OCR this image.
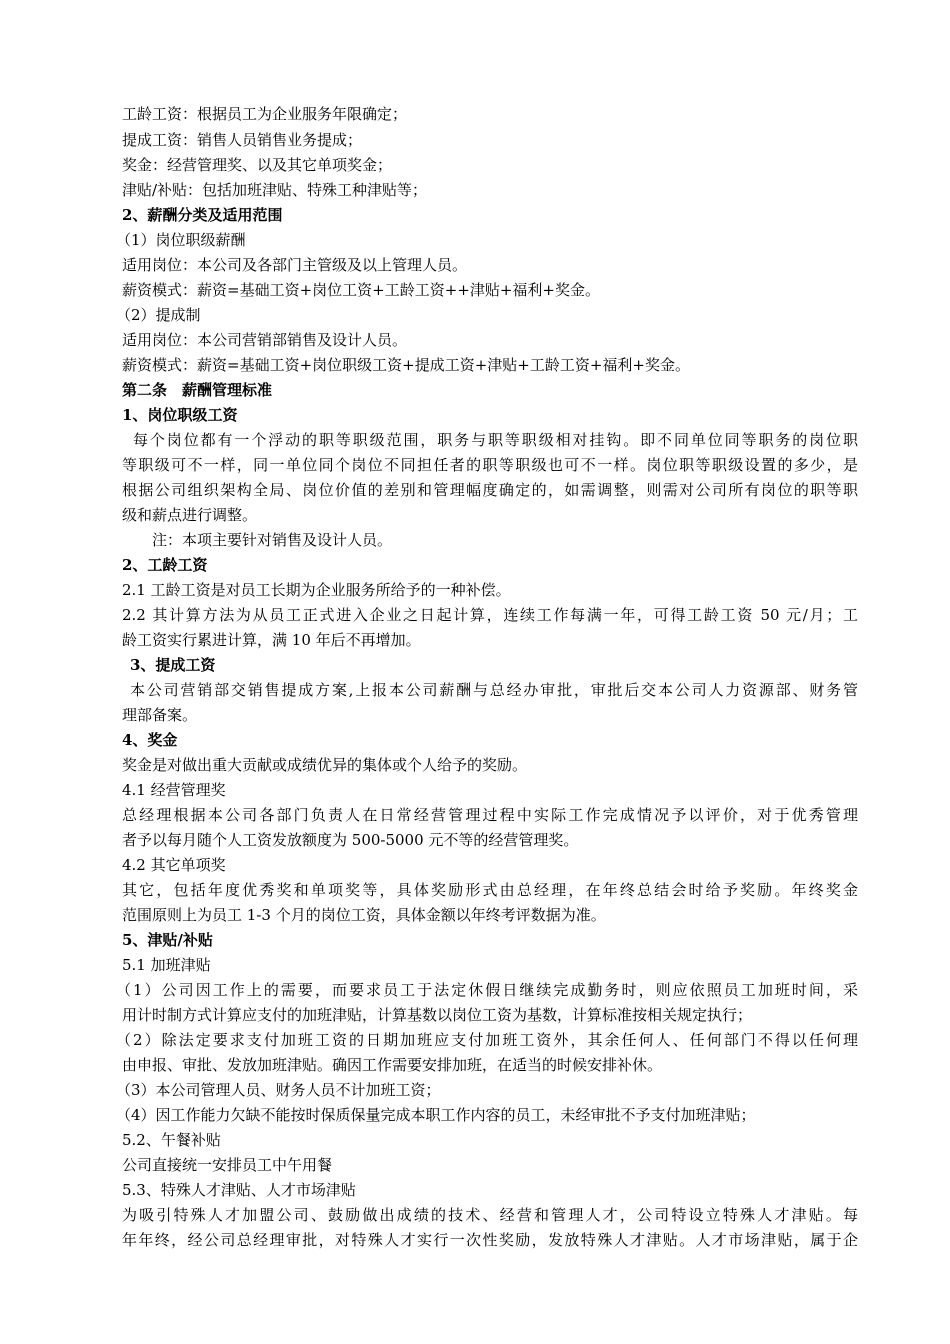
工龄工资：根据员工为企业服务年限确定；
提成工资：销售人员销售业务提成；
奖金：经营管理奖、以及其它单项奖金；
津贴/补贴：包括加班津贴、特殊工种津贴等；
2、薪酬分类及适用范围
（1）岗位职级薪酬
适用岗位：本公司及各部门主管级及以上管理人员。
薪资模式：薪资=基础工资+岗位工资+工龄工资++津贴+福利+奖金。
（2）提成制
适用岗位：本公司营销部销售及设计人员。
薪资模式：薪资=基础工资+岗位职级工资+提成工资+津贴+工龄工资+福利+奖金。
第二条　薪酬管理标准
1、岗位职级工资
每个岗位都有一个浮动的职等职级范围，职务与职等职级相对挂钩。即不同单位同等职务的岗位职
等职级可不一样，同一单位同个岗位不同担任者的职等职级也可不一样。岗位职等职级设置的多少，是
根据公司组织架构全局、岗位价值的差别和管理幅度确定的，如需调整，则需对公司所有岗位的职等职
级和薪点进行调整。
注：本项主要针对销售及设计人员。
2、工龄工资
2.1 工龄工资是对员工长期为企业服务所给予的一种补偿。
2.2 其计算方法为从员工正式进入企业之日起计算，连续工作每满一年，可得工龄工资 50 元/月；工
龄工资实行累进计算，满 10 年后不再增加。
3、提成工资
本公司营销部交销售提成方案,上报本公司薪酬与总经办审批，审批后交本公司人力资源部、财务管
理部备案。
4、奖金
奖金是对做出重大贡献或成绩优异的集体或个人给予的奖励。
4.1 经营管理奖
总经理根据本公司各部门负责人在日常经营管理过程中实际工作完成情况予以评价，对于优秀管理
者予以每月随个人工资发放额度为 500-5000 元不等的经营管理奖。
4.2 其它单项奖
其它，包括年度优秀奖和单项奖等，具体奖励形式由总经理，在年终总结会时给予奖励。年终奖金
范围原则上为员工 1-3 个月的岗位工资，具体金额以年终考评数据为准。
5、津贴/补贴
5.1 加班津贴
（1）公司因工作上的需要，而要求员工于法定休假日继续完成勤务时，则应依照员工加班时间，采
用计时制方式计算应支付的加班津贴，计算基数以岗位工资为基数，计算标准按相关规定执行；
（2）除法定要求支付加班工资的日期加班应支付加班工资外，其余任何人、任何部门不得以任何理
由申报、审批、发放加班津贴。确因工作需要安排加班，在适当的时候安排补休。
（3）本公司管理人员、财务人员不计加班工资；
（4）因工作能力欠缺不能按时保质保量完成本职工作内容的员工，未经审批不予支付加班津贴；
5.2、午餐补贴
公司直接统一安排员工中午用餐
5.3、特殊人才津贴、人才市场津贴
为吸引特殊人才加盟公司、鼓励做出成绩的技术、经营和管理人才，公司特设立特殊人才津贴。每
年年终，经公司总经理审批，对特殊人才实行一次性奖励，发放特殊人才津贴。人才市场津贴，属于企
